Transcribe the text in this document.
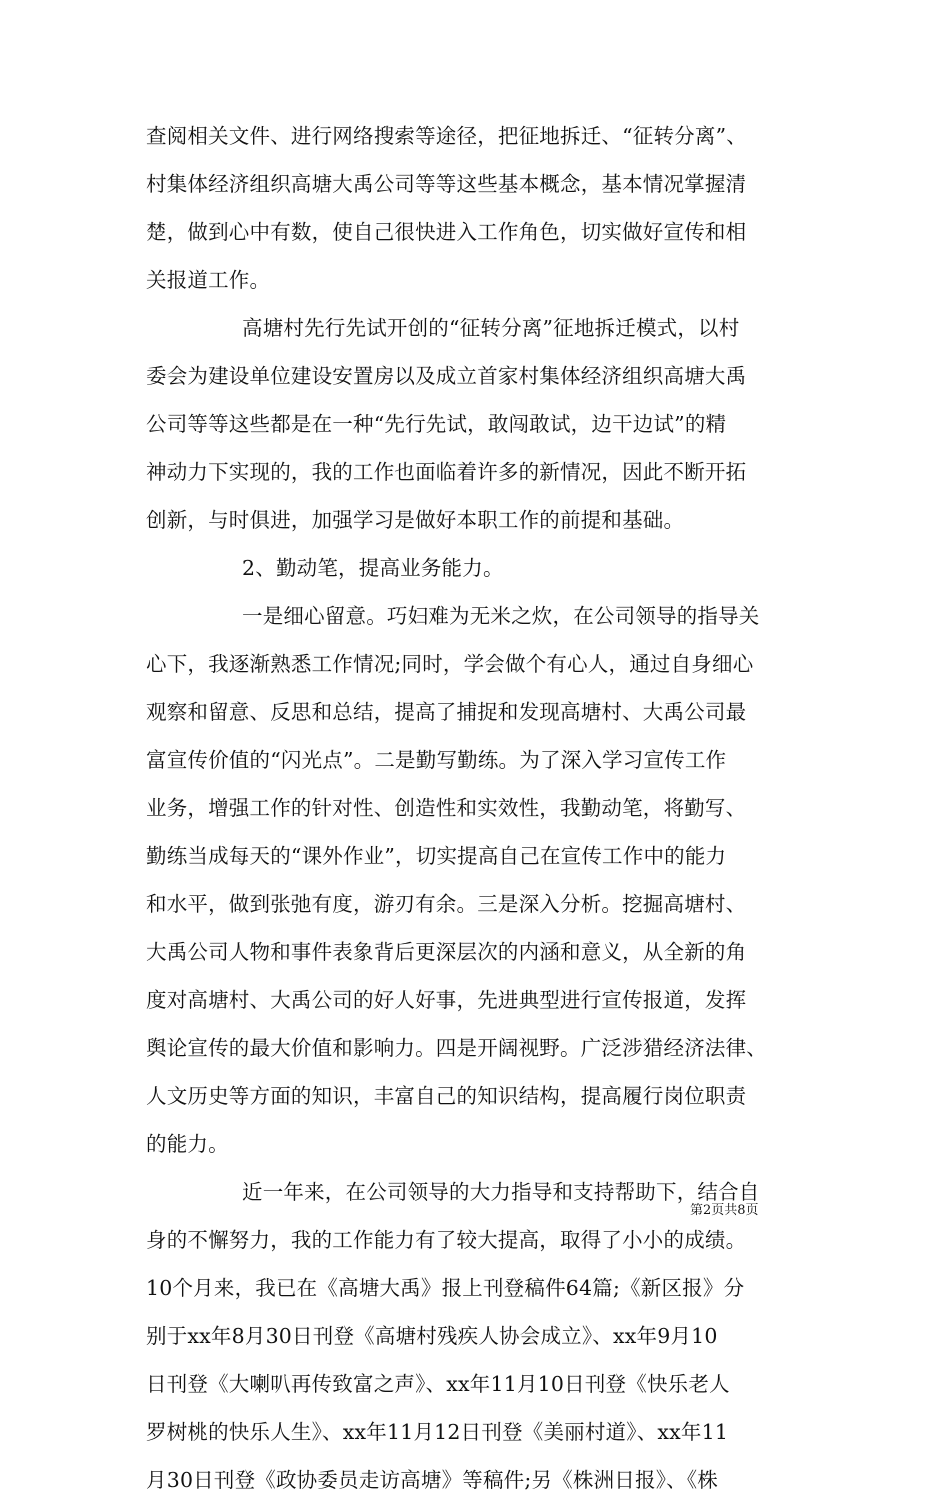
查阅相关文件、进行网络搜索等途径，把征地拆迁、“征转分离”、
村集体经济组织高塘大禹公司等等这些基本概念，基本情况掌握清
楚，做到心中有数，使自己很快进入工作角色，切实做好宣传和相
关报道工作。
高塘村先行先试开创的“征转分离”征地拆迁模式，以村
委会为建设单位建设安置房以及成立首家村集体经济组织高塘大禹
公司等等这些都是在一种“先行先试，敢闯敢试，边干边试”的精
神动力下实现的，我的工作也面临着许多的新情况，因此不断开拓
创新，与时俱进，加强学习是做好本职工作的前提和基础。
2、勤动笔，提高业务能力。
一是细心留意。巧妇难为无米之炊，在公司领导的指导关
心下，我逐渐熟悉工作情况;同时，学会做个有心人，通过自身细心
观察和留意、反思和总结，提高了捕捉和发现高塘村、大禹公司最
富宣传价值的“闪光点”。二是勤写勤练。为了深入学习宣传工作
业务，增强工作的针对性、创造性和实效性，我勤动笔，将勤写、
勤练当成每天的“课外作业”，切实提高自己在宣传工作中的能力
和水平，做到张弛有度，游刃有余。三是深入分析。挖掘高塘村、
大禹公司人物和事件表象背后更深层次的内涵和意义，从全新的角
度对高塘村、大禹公司的好人好事，先进典型进行宣传报道，发挥
舆论宣传的最大价值和影响力。四是开阔视野。广泛涉猎经济法律、
人文历史等方面的知识，丰富自己的知识结构，提高履行岗位职责
的能力。
近一年来，在公司领导的大力指导和支持帮助下，结合自
身的不懈努力，我的工作能力有了较大提高，取得了小小的成绩。
10个月来，我已在《高塘大禹》报上刊登稿件64篇;《新区报》分
别于xx年8月30日刊登《高塘村残疾人协会成立》、xx年9月10
日刊登《大喇叭再传致富之声》、xx年11月10日刊登《快乐老人
罗树桃的快乐人生》、xx年11月12日刊登《美丽村道》、xx年11
月30日刊登《政协委员走访高塘》等稿件;另《株洲日报》、《株
第2页共8页
